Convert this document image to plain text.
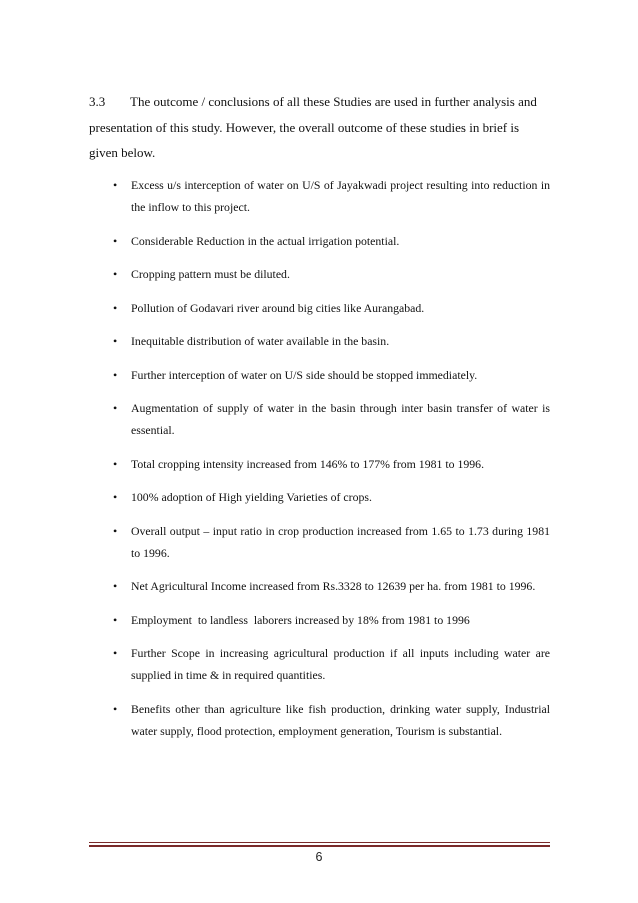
3.3 The outcome / conclusions of all these Studies are used in further analysis and presentation of this study. However, the overall outcome of these studies in brief is given below.

• Excess u/s interception of water on U/S of Jayakwadi project resulting into reduction in the inflow to this project.
• Considerable Reduction in the actual irrigation potential.
• Cropping pattern must be diluted.
• Pollution of Godavari river around big cities like Aurangabad.
• Inequitable distribution of water available in the basin.
• Further interception of water on U/S side should be stopped immediately.
• Augmentation of supply of water in the basin through inter basin transfer of water is essential.
• Total cropping intensity increased from 146% to 177% from 1981 to 1996.
• 100% adoption of High yielding Varieties of crops.
• Overall output – input ratio in crop production increased from 1.65 to 1.73 during 1981 to 1996.
• Net Agricultural Income increased from Rs.3328 to 12639 per ha. from 1981 to 1996.
• Employment  to landless  laborers increased by 18% from 1981 to 1996
• Further Scope in increasing agricultural production if all inputs including water are supplied in time & in required quantities.
• Benefits other than agriculture like fish production, drinking water supply, Industrial water supply, flood protection, employment generation, Tourism is substantial.
6
